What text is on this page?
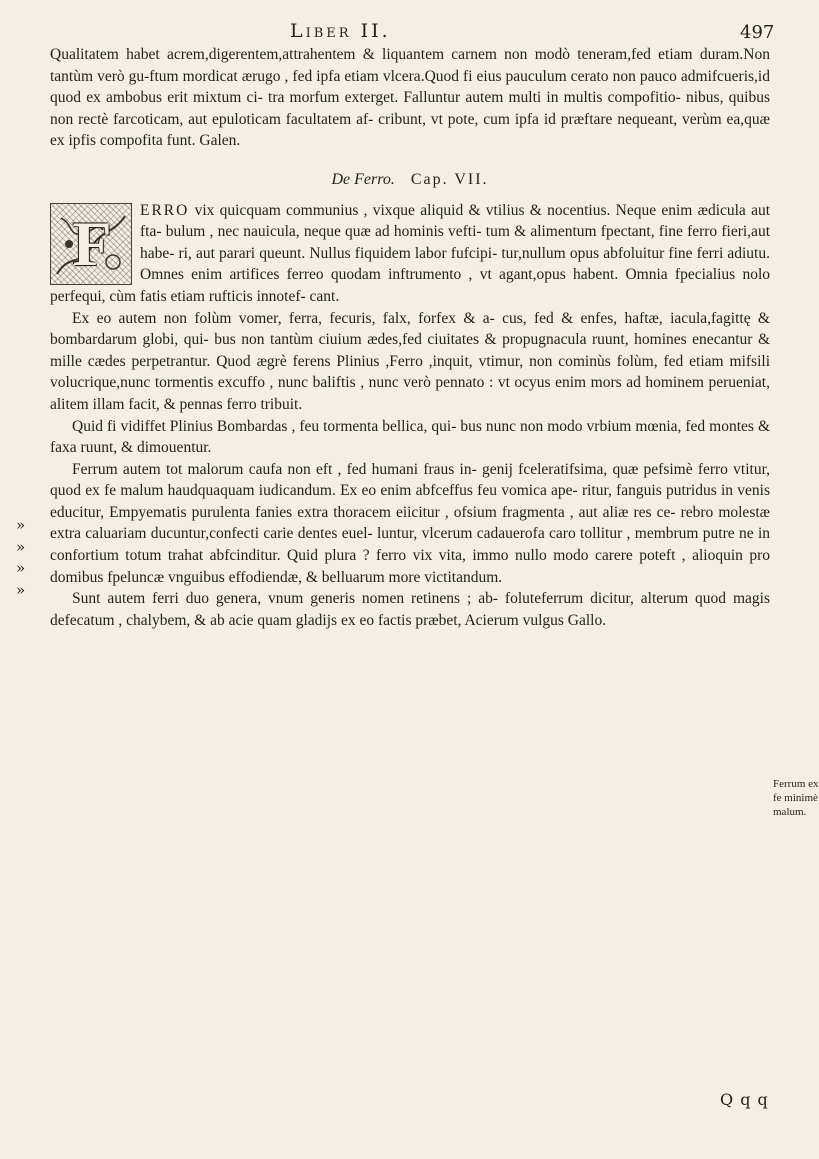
Liber II.	497

Qualitatem habet acrem,digerentem,attrahentem & liquantem carnem non modò teneram,fed etiam duram.Non tantùm verò gu-ftum mordicat ærugo , fed ipfa etiam vlcera.Quod fi eius pauculum cerato non pauco admifcueris,id quod ex ambobus erit mixtum ci- tra morfum exterget. Falluntur autem multi in multis compofitio- nibus, quibus non rectè farcoticam, aut epuloticam facultatem af- cribunt, vt pote, cum ipfa id præftare nequeant, verùm ea,quæ ex ipfis compofita funt. Galen.

De Ferro. Cap. VII.

F	ERRO vix quicquam communius , vixque aliquid & vtilius & nocentius. Neque enim ædicula aut fta- bulum , nec nauicula, neque quæ ad hominis vefti- tum & alimentum fpectant, fine ferro fieri,aut habe- ri, aut parari queunt. Nullus fiquidem labor fufcipi- tur,nullum opus abfoluitur fine ferri adiutu. Omnes enim artifices ferreo quodam inftrumento , vt agant,opus habent. Omnia fpecialius nolo perfequi, cùm fatis etiam rufticis innotef- cant.

Ex eo autem non folùm vomer, ferra, fecuris, falx, forfex & a- cus, fed & enfes, haftæ, iacula,fagittę & bombardarum globi, qui- bus non tantùm ciuium ædes,fed ciuitates & propugnacula ruunt, homines enecantur & mille cædes perpetrantur. Quod ægrè ferens Plinius ,Ferro ,inquit, vtimur, non cominùs folùm, fed etiam mifsili volucrique,nunc tormentis excuffo , nunc baliftis , nunc verò pennato : vt ocyus enim mors ad hominem perueniat, alitem illam facit, & pennas ferro tribuit.

Quid fi vidiffet Plinius Bombardas , feu tormenta bellica, qui- bus nunc non modo vrbium mœnia, fed montes & faxa ruunt, & dimouentur.

Ferrum autem tot malorum caufa non eft , fed humani fraus in- genij fceleratifsima, quæ pefsimè ferro vtitur, quod ex fe malum haudquaquam iudicandum. Ex eo enim abfceffus feu vomica ape- ritur, fanguis putridus in venis educitur, Empyematis purulenta fanies extra thoracem eiicitur , ofsium fragmenta , aut aliæ res ce- rebro molestæ extra caluariam ducuntur,confecti carie dentes euel- luntur, vlcerum cadauerofa caro tollitur , membrum putre ne in confortium totum trahat abfcinditur. Quid plura ? ferro vix vita, immo nullo modo carere poteft , alioquin pro domibus fpeluncæ vnguibus effodiendæ, & belluarum more victitandum.

Sunt autem ferri duo genera, vnum generis nomen retinens ; ab- foluteferrum dicitur, alterum quod magis defecatum , chalybem, & ab acie quam gladijs ex eo factis præbet, Acierum vulgus Gallo.

»
»
»
»
Ferrum ex
fe minimè
malum.
Q q q
